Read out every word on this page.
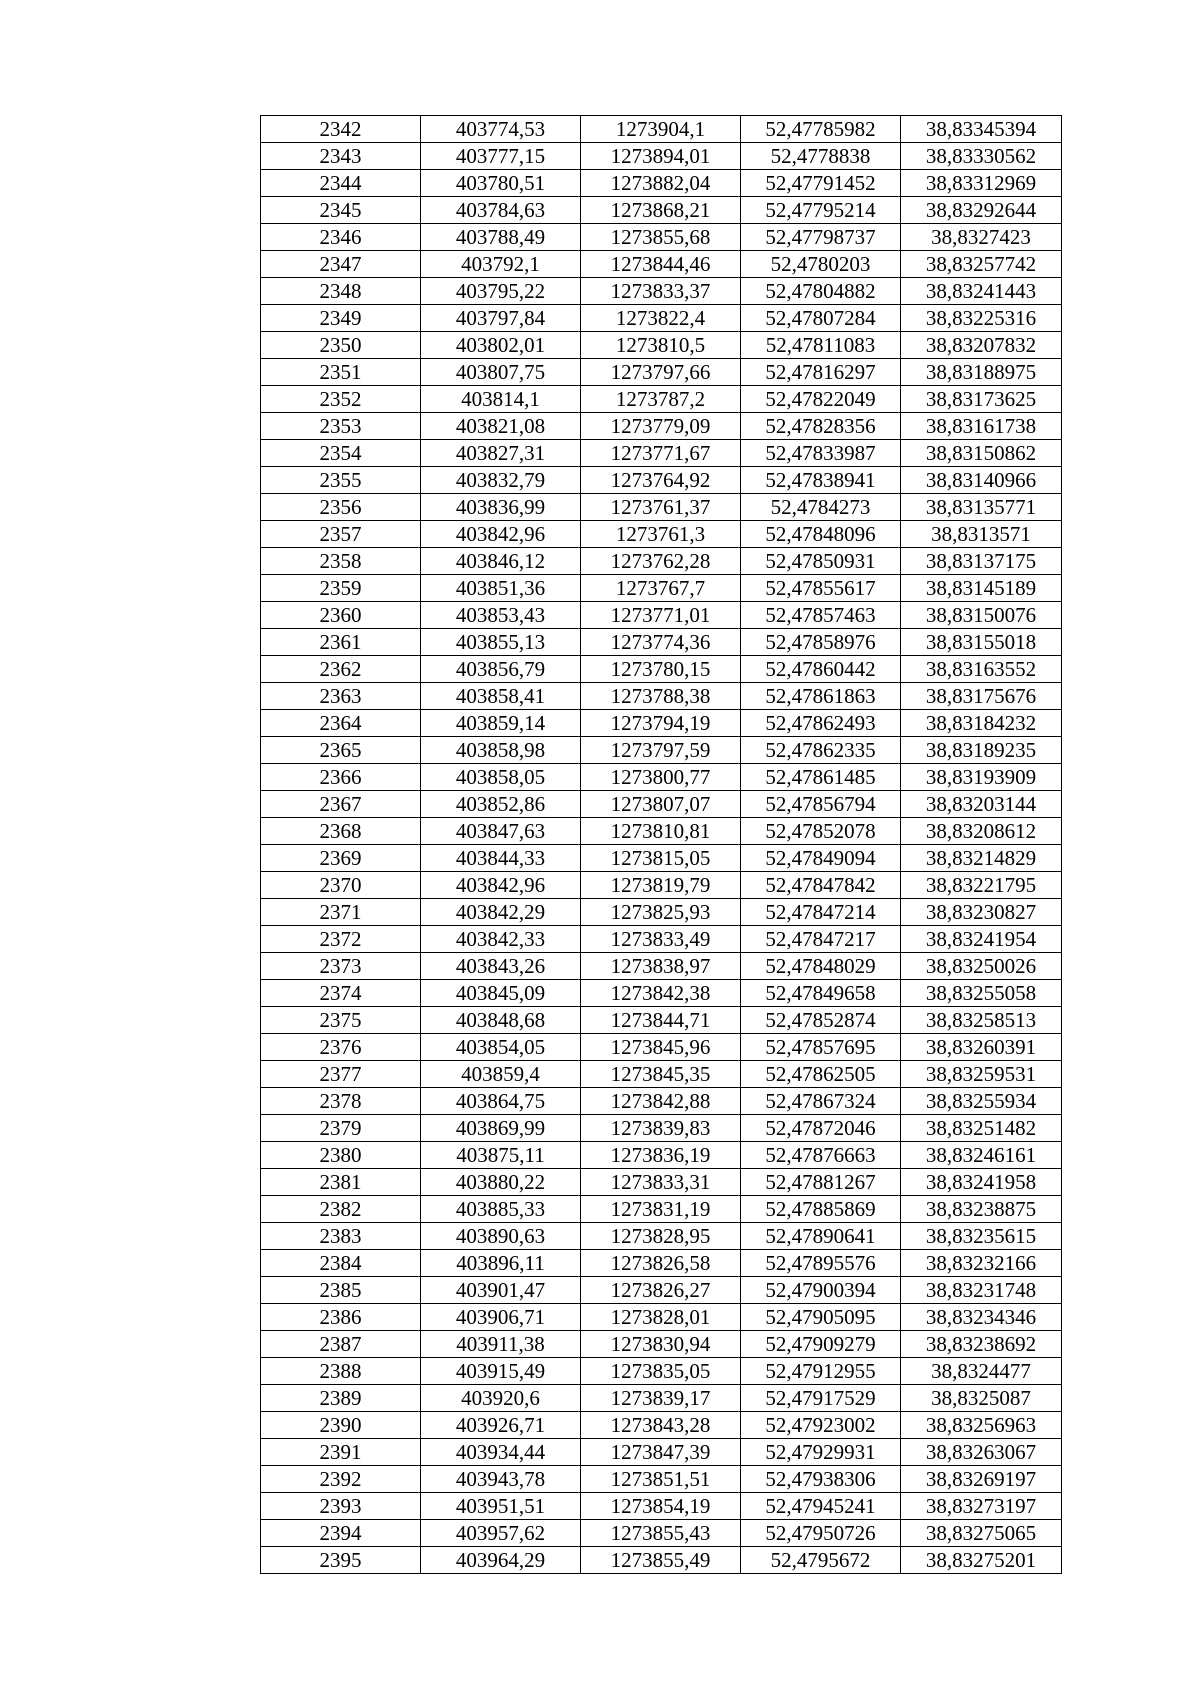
2342	403774,53	1273904,1	52,47785982	38,83345394
2343	403777,15	1273894,01	52,4778838	38,83330562
2344	403780,51	1273882,04	52,47791452	38,83312969
2345	403784,63	1273868,21	52,47795214	38,83292644
2346	403788,49	1273855,68	52,47798737	38,8327423
2347	403792,1	1273844,46	52,4780203	38,83257742
2348	403795,22	1273833,37	52,47804882	38,83241443
2349	403797,84	1273822,4	52,47807284	38,83225316
2350	403802,01	1273810,5	52,47811083	38,83207832
2351	403807,75	1273797,66	52,47816297	38,83188975
2352	403814,1	1273787,2	52,47822049	38,83173625
2353	403821,08	1273779,09	52,47828356	38,83161738
2354	403827,31	1273771,67	52,47833987	38,83150862
2355	403832,79	1273764,92	52,47838941	38,83140966
2356	403836,99	1273761,37	52,4784273	38,83135771
2357	403842,96	1273761,3	52,47848096	38,8313571
2358	403846,12	1273762,28	52,47850931	38,83137175
2359	403851,36	1273767,7	52,47855617	38,83145189
2360	403853,43	1273771,01	52,47857463	38,83150076
2361	403855,13	1273774,36	52,47858976	38,83155018
2362	403856,79	1273780,15	52,47860442	38,83163552
2363	403858,41	1273788,38	52,47861863	38,83175676
2364	403859,14	1273794,19	52,47862493	38,83184232
2365	403858,98	1273797,59	52,47862335	38,83189235
2366	403858,05	1273800,77	52,47861485	38,83193909
2367	403852,86	1273807,07	52,47856794	38,83203144
2368	403847,63	1273810,81	52,47852078	38,83208612
2369	403844,33	1273815,05	52,47849094	38,83214829
2370	403842,96	1273819,79	52,47847842	38,83221795
2371	403842,29	1273825,93	52,47847214	38,83230827
2372	403842,33	1273833,49	52,47847217	38,83241954
2373	403843,26	1273838,97	52,47848029	38,83250026
2374	403845,09	1273842,38	52,47849658	38,83255058
2375	403848,68	1273844,71	52,47852874	38,83258513
2376	403854,05	1273845,96	52,47857695	38,83260391
2377	403859,4	1273845,35	52,47862505	38,83259531
2378	403864,75	1273842,88	52,47867324	38,83255934
2379	403869,99	1273839,83	52,47872046	38,83251482
2380	403875,11	1273836,19	52,47876663	38,83246161
2381	403880,22	1273833,31	52,47881267	38,83241958
2382	403885,33	1273831,19	52,47885869	38,83238875
2383	403890,63	1273828,95	52,47890641	38,83235615
2384	403896,11	1273826,58	52,47895576	38,83232166
2385	403901,47	1273826,27	52,47900394	38,83231748
2386	403906,71	1273828,01	52,47905095	38,83234346
2387	403911,38	1273830,94	52,47909279	38,83238692
2388	403915,49	1273835,05	52,47912955	38,8324477
2389	403920,6	1273839,17	52,47917529	38,8325087
2390	403926,71	1273843,28	52,47923002	38,83256963
2391	403934,44	1273847,39	52,47929931	38,83263067
2392	403943,78	1273851,51	52,47938306	38,83269197
2393	403951,51	1273854,19	52,47945241	38,83273197
2394	403957,62	1273855,43	52,47950726	38,83275065
2395	403964,29	1273855,49	52,4795672	38,83275201
